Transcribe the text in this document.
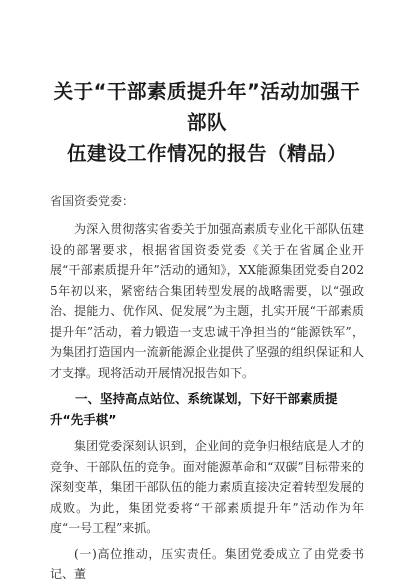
关于“干部素质提升年”活动加强干部队
伍建设工作情况的报告（精品）

省国资委党委：

为深入贯彻落实省委关于加强高素质专业化干部队伍建设的部署要求，根据省国资委党委《关于在省属企业开展“干部素质提升年”活动的通知》，XX能源集团党委自2025年初以来，紧密结合集团转型发展的战略需要，以“强政治、提能力、优作风、促发展”为主题，扎实开展“干部素质提升年”活动，着力锻造一支忠诚干净担当的“能源铁军”，为集团打造国内一流新能源企业提供了坚强的组织保证和人才支撑。现将活动开展情况报告如下。

一、坚持高点站位、系统谋划，下好干部素质提升“先手棋”

集团党委深刻认识到，企业间的竞争归根结底是人才的竞争、干部队伍的竞争。面对能源革命和“双碳”目标带来的深刻变革，集团干部队伍的能力素质直接决定着转型发展的成败。为此，集团党委将“干部素质提升年”活动作为年度“一号工程”来抓。

(一)高位推动，压实责任。集团党委成立了由党委书记、董
